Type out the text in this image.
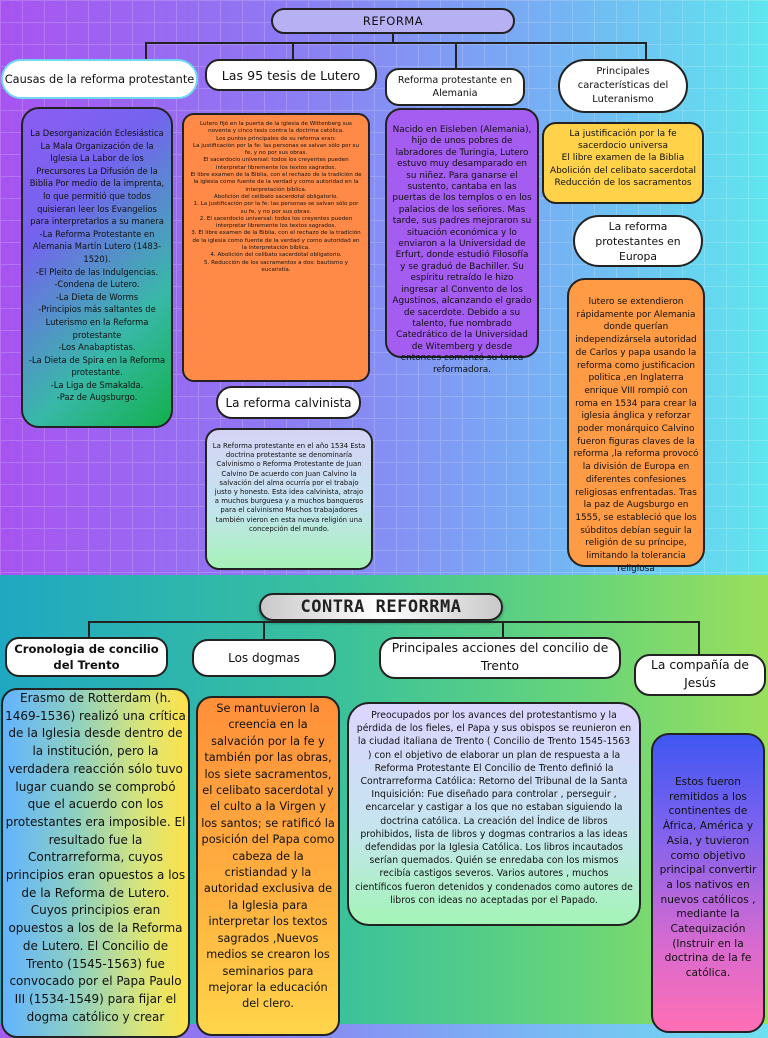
REFORMA
Causas de la reforma protestante Las 95 tesis de Lutero	Reforma protestante en Alemania
Principales características del Luteranismo
La Desorganización Eclesiástica
La Mala Organización de la Iglesia La Labor de los Precursores La Difusión de la Biblia Por medio de la imprenta, lo que permitió que todos quisieran leer los Evangelios para interpretarlos a su manera
-La Reforma Protestante en Alemania Martín Lutero (1483-1520).
-El Pleito de las Indulgencias.
-Condena de Lutero.
-La Dieta de Worms
-Principios más saltantes de Luterismo en la Reforma protestante
-Los Anabaptistas.
-La Dieta de Spira en la Reforma protestante.
-La Liga de Smakalda.
-Paz de Augsburgo.
Lutero fijó en la puerta de la iglesia de Wittenberg sus noventa y cinco tesis contra la doctrina católica.
Los puntos principales de su reforma eran:
La justificación por la fe: las personas se salvan sólo por su fe, y no por sus obras.
El sacerdocio universal: todos los creyentes pueden interpretar libremente los textos sagrados.
El libre examen de la Biblia, con el rechazo de la tradición de la iglesia como fuente de la verdad y como autoridad en la interpretación bíblica.
Abolición del celibato sacerdotal obligatorio.
1. La justificación por la fe: las personas se salvan sólo por su fe, y no por sus obras.
2. El sacerdocio universal: todos los creyentes pueden interpretar libremente los textos sagrados.
3. El libre examen de la Biblia, con el rechazo de la tradición de la iglesia como fuente de la verdad y como autoridad en la interpretación bíblica.
4. Abolición del celibato sacerdotal obligatorio.
5. Reducción de los sacramentos a dos: bautismo y eucaristía.
Nacido en Eisleben (Alemania), hijo de unos pobres de labradores de Turingia, Lutero estuvo muy desamparado en su niñez. Para ganarse el sustento, cantaba en las puertas de los templos o en los palacios de los señores. Mas tarde, sus padres mejoraron su situación económica y lo enviaron a la Universidad de Erfurt, donde estudió Filosofía y se graduó de Bachiller. Su espíritu retraído le hizo ingresar al Convento de los Agustinos, alcanzando el grado de sacerdote. Debido a su talento, fue nombrado Catedrático de la Universidad de Witemberg y desde entonces comenzó su tarea reformadora.
La justificación por la fe
sacerdocio universa
El libre examen de la Biblia
Abolición del celibato sacerdotal
Reducción de los sacramentos
La reforma protestantes en Europa
lutero se extendieron rápidamente por Alemania donde querían independizársela autoridad de Carlos y papa usando la reforma como justificacion politica ,en Inglaterra enrique VIII rompió con roma en 1534 para crear la iglesia ánglica y reforzar poder monárquico Calvino fueron figuras claves de la reforma ,la reforma provocó la división de Europa en diferentes confesiones religiosas enfrentadas. Tras la paz de Augsburgo en 1555, se estableció que los súbditos debían seguir la religión de su príncipe, limitando la tolerancia religiosa
La reforma calvinista
La Reforma protestante en el año 1534 Esta doctrina protestante se denominaría Calvinismo o Reforma Protestante de Juan Calvino De acuerdo con Juan Calvino la salvación del alma ocurría por el trabajo justo y honesto. Esta idea calvinista, atrajo a muchos burguesa y a muchos banqueros para el calvinismo Muchos trabajadores también vieron en esta nueva religión una concepción del mundo.
CONTRA REFORRMA
Cronologia de concilio del Trento	Los dogmas
Principales acciones del concilio de Trento	La compañía de Jesús
Erasmo de Rotterdam (h. 1469-1536) realizó una crítica de la Iglesia desde dentro de la institución, pero la verdadera reacción sólo tuvo lugar cuando se comprobó que el acuerdo con los protestantes era imposible. El resultado fue la Contrarreforma, cuyos principios eran opuestos a los de la Reforma de Lutero. Cuyos principios eran opuestos a los de la Reforma de Lutero. El Concilio de Trento (1545-1563) fue convocado por el Papa Paulo III (1534-1549) para fijar el dogma católico y crear
Se mantuvieron la creencia en la salvación por la fe y también por las obras, los siete sacramentos, el celibato sacerdotal y el culto a la Virgen y los santos; se ratificó la posición del Papa como cabeza de la cristiandad y la autoridad exclusiva de la Iglesia para interpretar los textos sagrados ,Nuevos medios se crearon los seminarios para mejorar la educación del clero.
Preocupados por los avances del protestantismo y la pérdida de los fieles, el Papa y sus obispos se reunieron en la ciudad italiana de Trento ( Concilio de Trento 1545-1563 ) con el objetivo de elaborar un plan de respuesta a la Reforma Protestante El Concilio de Trento definió la Contrarreforma Católica: Retorno del Tribunal de la Santa Inquisición: Fue diseñado para controlar , perseguir , encarcelar y castigar a los que no estaban siguiendo la doctrina católica. La creación del Índice de libros prohibidos, lista de libros y dogmas contrarios a las ideas defendidas por la Iglesia Católica. Los libros incautados serían quemados. Quién se enredaba con los mismos recibía castigos severos. Varios autores , muchos científicos fueron detenidos y condenados como autores de libros con ideas no aceptadas por el Papado.
Estos fueron remitidos a los continentes de África, América y Asia, y tuvieron como objetivo principal convertir a los nativos en nuevos católicos , mediante la Catequización (Instruir en la doctrina de la fe católica.
